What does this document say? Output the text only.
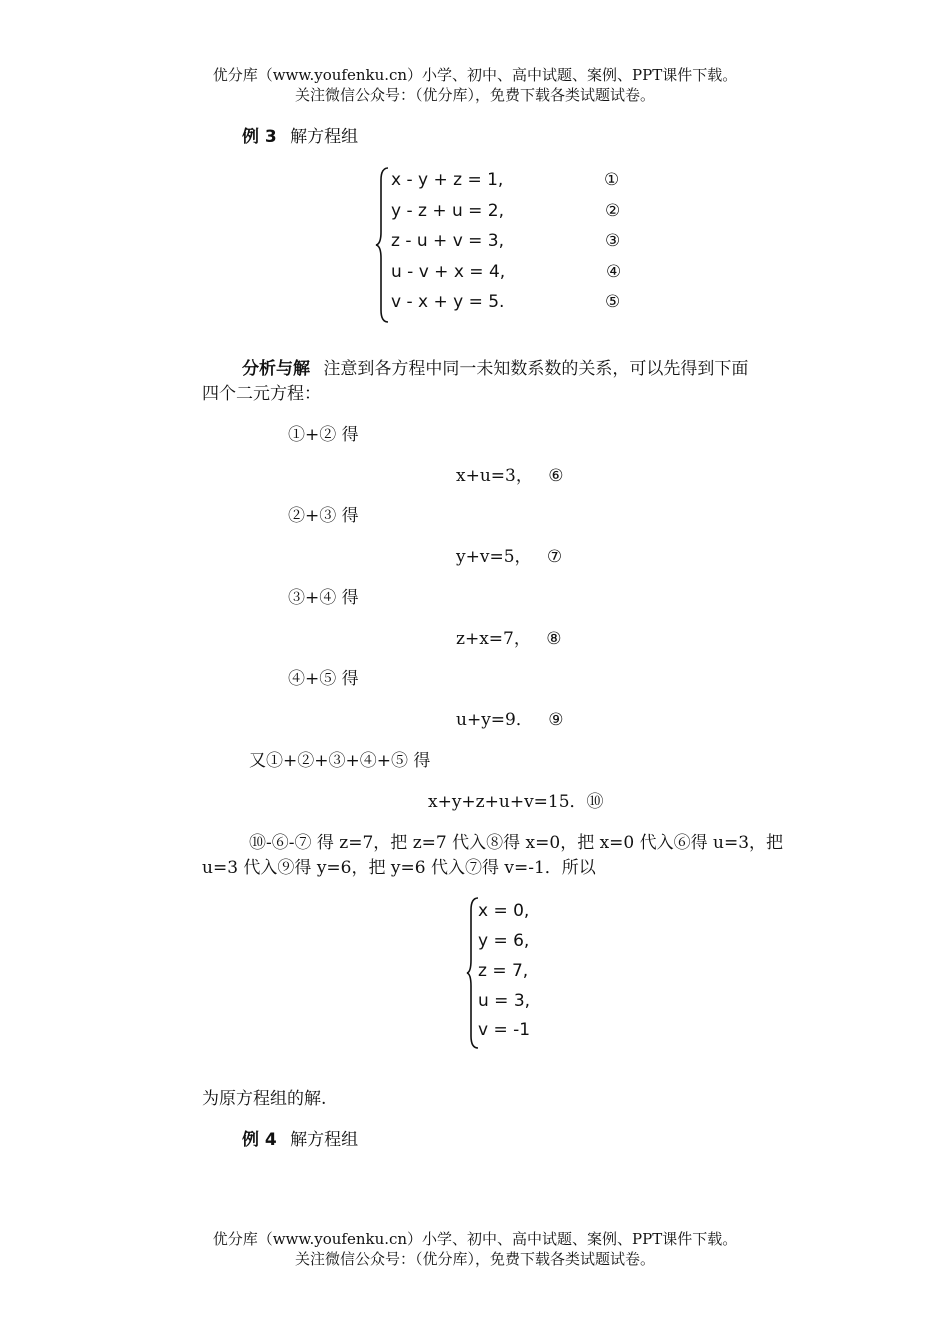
优分库（www.youfenku.cn）小学、初中、高中试题、案例、PPT课件下载。
关注微信公众号：（优分库），免费下载各类试题试卷。
例 3 解方程组
x - y + z = 1,
y - z + u = 2,
z - u + v = 3,
u - v + x = 4,
v - x + y = 5.
①
②
③
④
⑤
分析与解 注意到各方程中同一未知数系数的关系，可以先得到下面
四个二元方程：
①+② 得
x+u=3， ⑥
②+③ 得
y+v=5， ⑦
③+④ 得
z+x=7， ⑧
④+⑤ 得
u+y=9． ⑨
又①+②+③+④+⑤ 得
x+y+z+u+v=15．⑩
⑩-⑥-⑦ 得 z=7，把 z=7 代入⑧得 x=0，把 x=0 代入⑥得 u=3，把
u=3 代入⑨得 y=6，把 y=6 代入⑦得 v=-1．所以
x = 0,
y = 6,
z = 7,
u = 3,
v = -1
为原方程组的解.
例 4 解方程组
优分库（www.youfenku.cn）小学、初中、高中试题、案例、PPT课件下载。
关注微信公众号：（优分库），免费下载各类试题试卷。
